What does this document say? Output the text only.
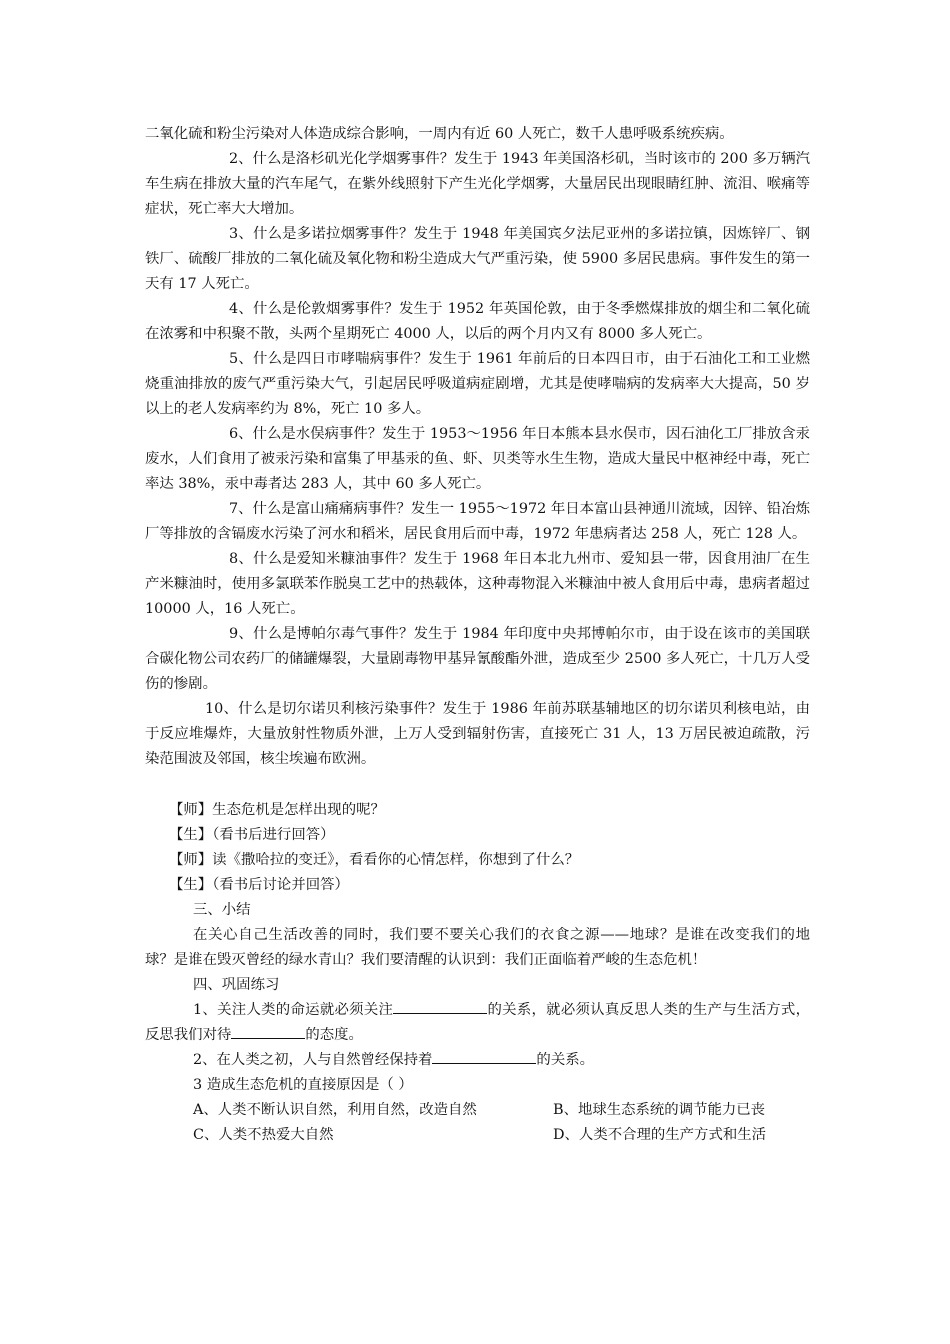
二氧化硫和粉尘污染对人体造成综合影响，一周内有近 60 人死亡，数千人患呼吸系统疾病。

2、什么是洛杉矶光化学烟雾事件？发生于 1943 年美国洛杉矶，当时该市的 200 多万辆汽车生病在排放大量的汽车尾气，在紫外线照射下产生光化学烟雾，大量居民出现眼睛红肿、流泪、喉痛等症状，死亡率大大增加。

3、什么是多诺拉烟雾事件？发生于 1948 年美国宾夕法尼亚州的多诺拉镇，因炼锌厂、钢铁厂、硫酸厂排放的二氧化硫及氧化物和粉尘造成大气严重污染，使 5900 多居民患病。事件发生的第一天有 17 人死亡。

4、什么是伦敦烟雾事件？发生于 1952 年英国伦敦，由于冬季燃煤排放的烟尘和二氧化硫在浓雾和中积聚不散，头两个星期死亡 4000 人，以后的两个月内又有 8000 多人死亡。

5、什么是四日市哮喘病事件？发生于 1961 年前后的日本四日市，由于石油化工和工业燃烧重油排放的废气严重污染大气，引起居民呼吸道病症剧增，尤其是使哮喘病的发病率大大提高，50 岁以上的老人发病率约为 8%，死亡 10 多人。

6、什么是水俣病事件？发生于 1953～1956 年日本熊本县水俣市，因石油化工厂排放含汞废水，人们食用了被汞污染和富集了甲基汞的鱼、虾、贝类等水生生物，造成大量民中枢神经中毒，死亡率达 38%，汞中毒者达 283 人，其中 60 多人死亡。

7、什么是富山痛痛病事件？发生一 1955～1972 年日本富山县神通川流域，因锌、铅冶炼厂等排放的含镉废水污染了河水和稻米，居民食用后而中毒，1972 年患病者达 258 人，死亡 128 人。

8、什么是爱知米糠油事件？发生于 1968 年日本北九州市、爱知县一带，因食用油厂在生产米糠油时，使用多氯联苯作脱臭工艺中的热载体，这种毒物混入米糠油中被人食用后中毒，患病者超过 10000 人，16 人死亡。

9、什么是博帕尔毒气事件？发生于 1984 年印度中央邦博帕尔市，由于设在该市的美国联合碳化物公司农药厂的储罐爆裂，大量剧毒物甲基异氰酸酯外泄，造成至少 2500 多人死亡，十几万人受伤的惨剧。

10、什么是切尔诺贝利核污染事件？发生于 1986 年前苏联基辅地区的切尔诺贝利核电站，由于反应堆爆炸，大量放射性物质外泄，上万人受到辐射伤害，直接死亡 31 人，13 万居民被迫疏散，污染范围波及邻国，核尘埃遍布欧洲。

【师】生态危机是怎样出现的呢？

【生】（看书后进行回答）

【师】读《撒哈拉的变迁》，看看你的心情怎样，你想到了什么？

【生】（看书后讨论并回答）

三、小结

在关心自己生活改善的同时，我们要不要关心我们的衣食之源——地球？是谁在改变我们的地球？是谁在毁灭曾经的绿水青山？我们要清醒的认识到：我们正面临着严峻的生态危机！

四、巩固练习

1、关注人类的命运就必须关注	的关系，就必须认真反思人类的生产与生活方式，反思我们对待	的态度。

2、在人类之初，人与自然曾经保持着	的关系。

3 造成生态危机的直接原因是（ ）

A、人类不断认识自然，利用自然，改造自然	B、地球生态系统的调节能力已丧

C、人类不热爱大自然	D、人类不合理的生产方式和生活
